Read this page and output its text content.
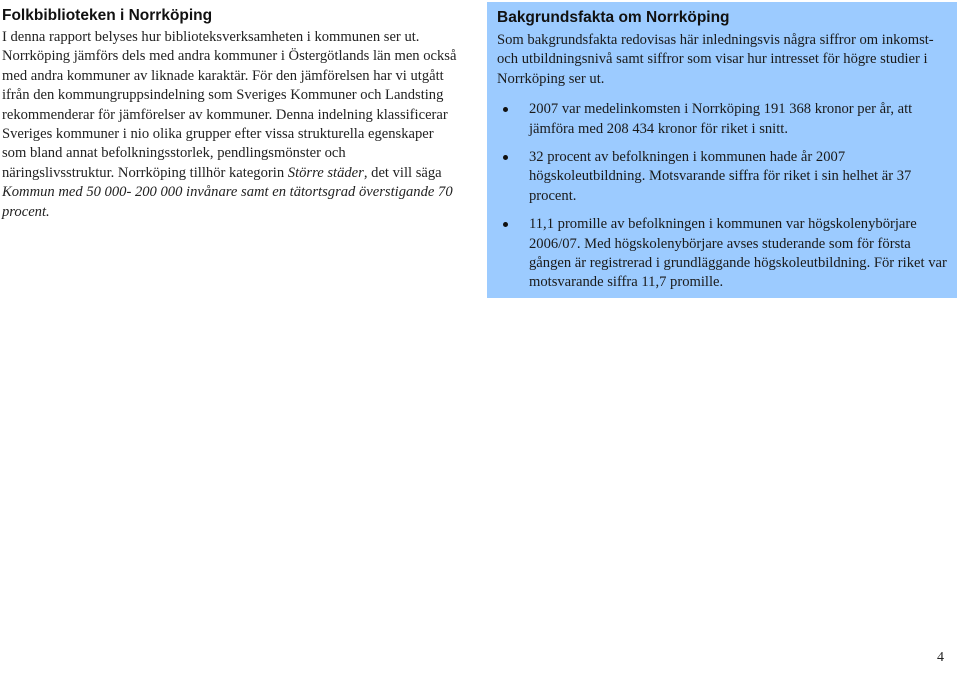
Folkbiblioteken i Norrköping

I denna rapport belyses hur biblioteksverksamheten i kommunen ser ut. Norrköping jämförs dels med andra kommuner i Östergötlands län men också med andra kommuner av liknade karaktär. För den jämförelsen har vi utgått ifrån den kommungruppsindelning som Sveriges Kommuner och Landsting rekommenderar för jämförelser av kommuner. Denna indelning klassificerar Sveriges kommuner i nio olika grupper efter vissa strukturella egenskaper som bland annat befolkningsstorlek, pendlingsmönster och näringslivsstruktur. Norrköping tillhör kategorin Större städer, det vill säga Kommun med 50 000- 200 000 invånare samt en tätortsgrad överstigande 70 procent.

Bakgrundsfakta om Norrköping

Som bakgrundsfakta redovisas här inledningsvis några siffror om inkomst- och utbildningsnivå samt siffror som visar hur intresset för högre studier i Norrköping ser ut.

2007 var medelinkomsten i Norrköping 191 368 kronor per år, att jämföra med 208 434 kronor för riket i snitt.
32 procent av befolkningen i kommunen hade år 2007 högskoleutbildning. Motsvarande siffra för riket i sin helhet är 37 procent.
11,1 promille av befolkningen i kommunen var högskolenybörjare 2006/07. Med högskolenybörjare avses studerande som för första gången är registrerad i grundläggande högskoleutbildning. För riket var motsvarande siffra 11,7 promille.
4
